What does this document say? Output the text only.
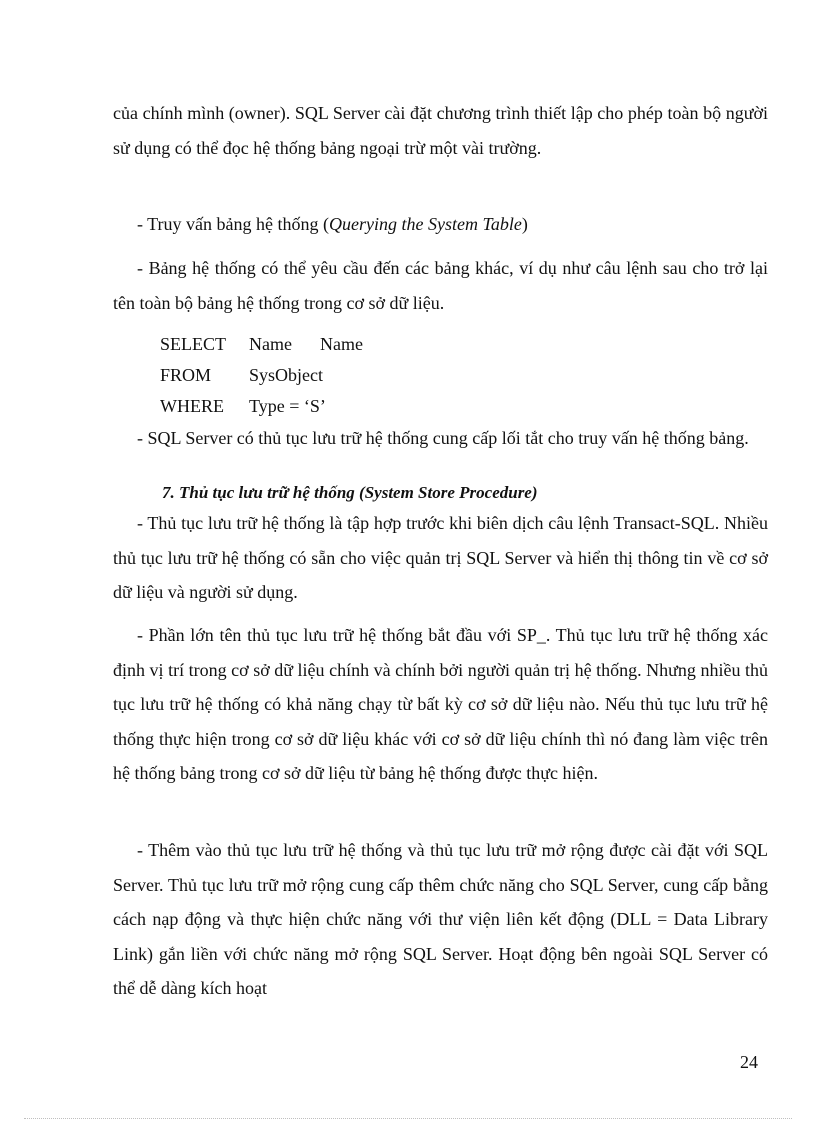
của chính mình (owner). SQL Server cài đặt chương trình thiết lập cho phép toàn bộ người sử dụng có thể đọc hệ thống bảng ngoại trừ một vài trường.

- Truy vấn bảng hệ thống (Querying the System Table)

- Bảng hệ thống có thể yêu cầu đến các bảng khác, ví dụ như câu lệnh sau cho trở lại tên toàn bộ bảng hệ thống trong cơ sở dữ liệu.

SELECT Name Name
FROM SysObject
WHERE Type = ‘S’

- SQL Server có thủ tục lưu trữ hệ thống cung cấp lối tắt cho truy vấn hệ thống bảng.

7. Thủ tục lưu trữ hệ thống (System Store Procedure)

- Thủ tục lưu trữ hệ thống là tập hợp trước khi biên dịch câu lệnh Transact-SQL. Nhiều thủ tục lưu trữ hệ thống có sẵn cho việc quản trị SQL Server và hiển thị thông tin về cơ sở dữ liệu và người sử dụng.

- Phần lớn tên thủ tục lưu trữ hệ thống bắt đầu với SP_. Thủ tục lưu trữ hệ thống xác định vị trí trong cơ sở dữ liệu chính và chính bởi người quản trị hệ thống. Nhưng nhiều thủ tục lưu trữ hệ thống có khả năng chạy từ bất kỳ cơ sở dữ liệu nào. Nếu thủ tục lưu trữ hệ thống thực hiện trong cơ sở dữ liệu khác với cơ sở dữ liệu chính thì nó đang làm việc trên hệ thống bảng trong cơ sở dữ liệu từ bảng hệ thống được thực hiện.

- Thêm vào thủ tục lưu trữ hệ thống và thủ tục lưu trữ mở rộng được cài đặt với SQL Server. Thủ tục lưu trữ mở rộng cung cấp thêm chức năng cho SQL Server, cung cấp bằng cách nạp động và thực hiện chức năng với thư viện liên kết động (DLL = Data Library Link) gắn liền với chức năng mở rộng SQL Server. Hoạt động bên ngoài SQL Server có thể dễ dàng kích hoạt

24
